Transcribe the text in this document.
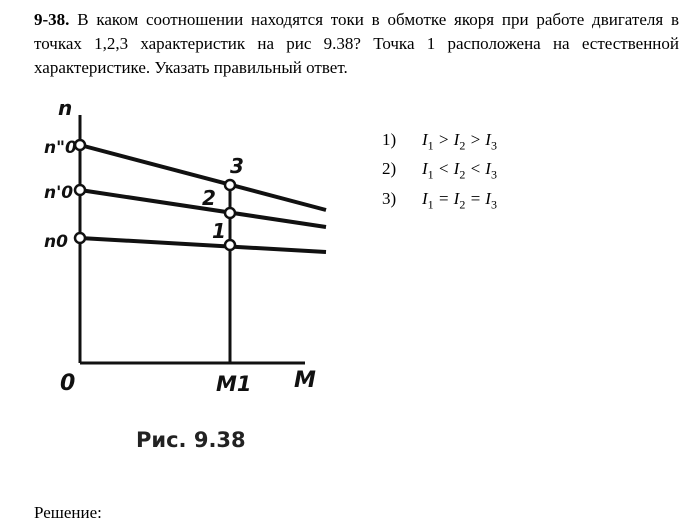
9-38. В каком соотношении находятся токи в обмотке якоря при работе двигателя в точках 1,2,3 характеристик на рис 9.38? Точка 1 расположена на естественной характеристике. Указать правильный ответ.

n
n"0
n'0
n0
0	M1 M
1
2
3
Рис. 9.38
1)	$I_1 > I_2 > I_3$
2)	$I_1 < I_2 < I_3$
3)	$I_1 = I_2 = I_3$

Решение:
